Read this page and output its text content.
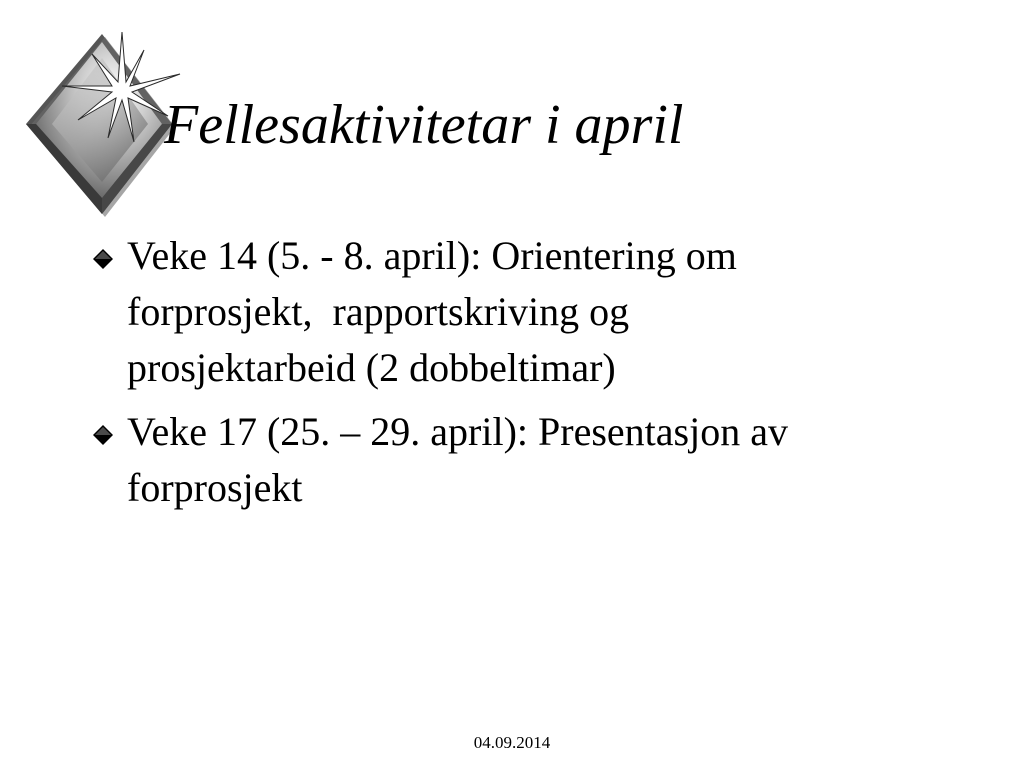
Fellesaktivitetar i april
Veke 14 (5. - 8. april): Orientering om
forprosjekt,  rapportskriving og
prosjektarbeid (2 dobbeltimar)
Veke 17 (25. – 29. april): Presentasjon av
forprosjekt
04.09.2014
